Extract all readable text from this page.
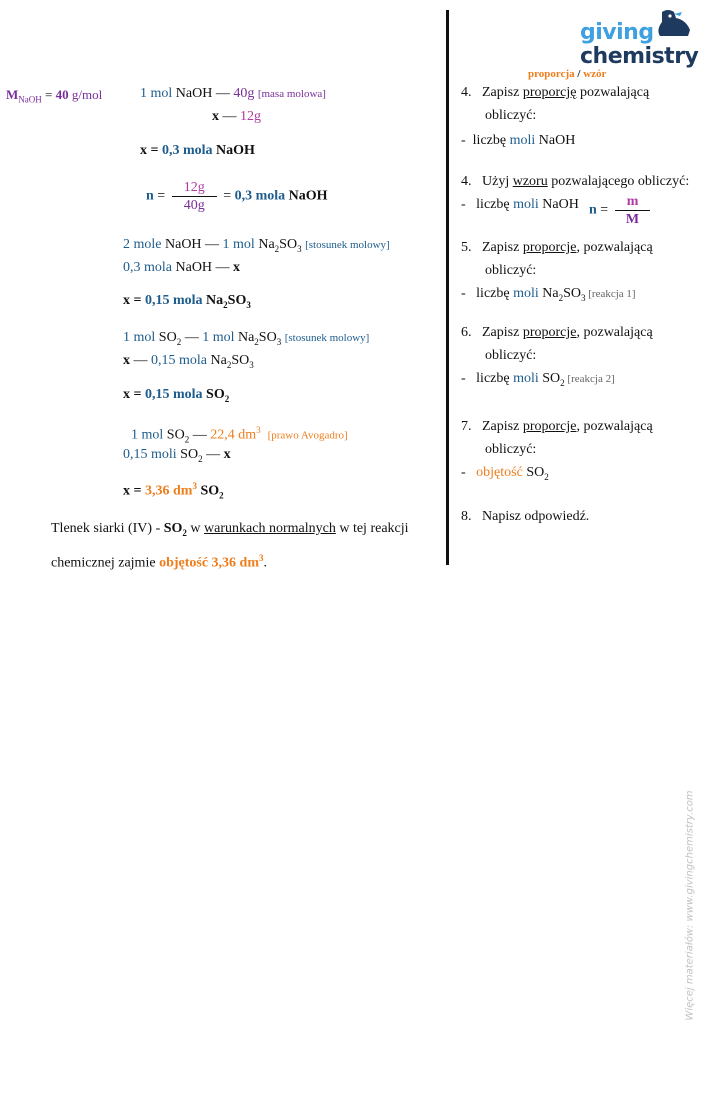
giving
chemistry
proporcja / wzór
$M_{NaOH} = 40$ g/mol	1 mol NaOH — 40g [masa molowa]
x — 12g
x = 0,3 mola NaOH
$n = \frac{12g}{40g} = 0,3$ mola NaOH
2 mole NaOH — 1 mol $Na_2SO_3$ [stosunek molowy]
0,3 mola NaOH — x
x = 0,15 mola $Na_2SO_3$
1 mol $SO_2$ — 1 mol $Na_2SO_3$ [stosunek molowy]
x — 0,15 mola $Na_2SO_3$
x = 0,15 mola $SO_2$
1 mol $SO_2$ — 22,4 $dm^3$ [prawo Avogadro]
0,15 moli $SO_2$ — x
x = 3,36 $dm^3$ $SO_2$
Tlenek siarki $(IV) - SO_2$ w warunkach normalnych w tej reakcji
chemicznej zajmie objętość 3,36 $dm^3$.
4. Zapisz proporcję pozwalającą
obliczyć:
- liczbę moli NaOH
4. Użyj wzoru pozwalającego obliczyć:
- liczbę moli NaOH $n = \frac{m}{M}$
5. Zapisz proporcje, pozwalającą
obliczyć:
- liczbę moli $Na_2SO_3$ [reakcja 1]
6. Zapisz proporcje, pozwalającą
obliczyć:
- liczbę moli $SO_2$ [reakcja 2]
7. Zapisz proporcje, pozwalającą
obliczyć:
- objętość $SO_2$
8. Napisz odpowiedź.
Więcej materiałów: www.givingchemistry.com
